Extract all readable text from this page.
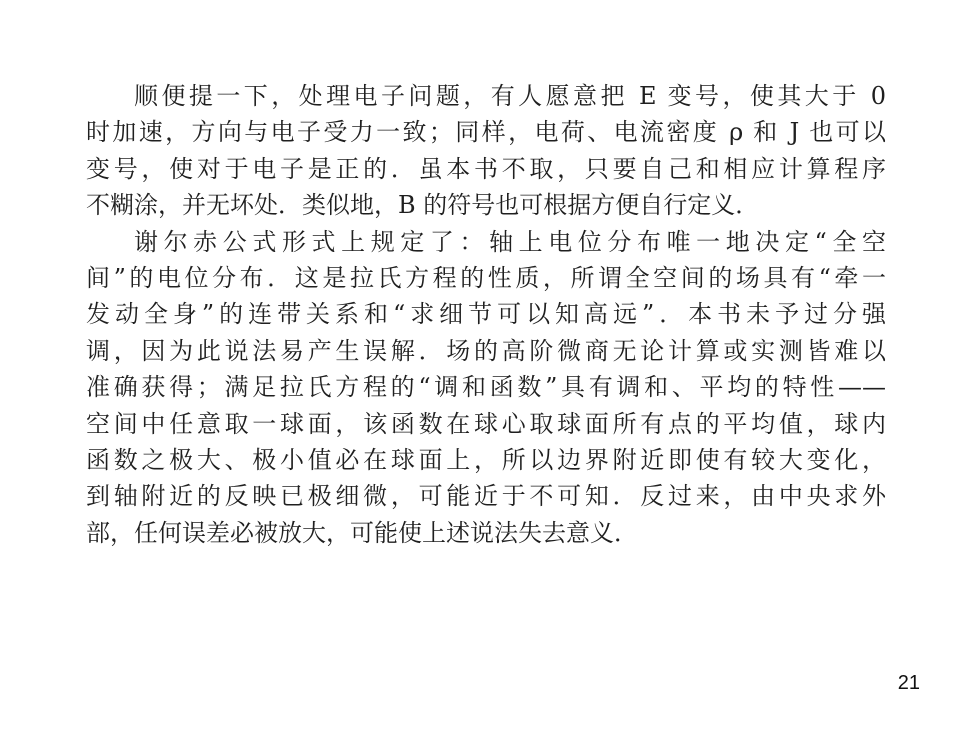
顺便提一下，处理电子问题，有人愿意把 E 变号，使其大于 0
时加速，方向与电子受力一致；同样，电荷、电流密度 ρ 和 J 也可以
变号，使对于电子是正的．虽本书不取，只要自己和相应计算程序
不糊涂，并无坏处．类似地，B 的符号也可根据方便自行定义．
谢尔赤公式形式上规定了：轴上电位分布唯一地决定“全空
间”的电位分布．这是拉氏方程的性质，所谓全空间的场具有“牵一
发动全身”的连带关系和“求细节可以知高远”．本书未予过分强
调，因为此说法易产生误解．场的高阶微商无论计算或实测皆难以
准确获得；满足拉氏方程的“调和函数”具有调和、平均的特性——
空间中任意取一球面，该函数在球心取球面所有点的平均值，球内
函数之极大、极小值必在球面上，所以边界附近即使有较大变化，
到轴附近的反映已极细微，可能近于不可知．反过来，由中央求外
部，任何误差必被放大，可能使上述说法失去意义．
21
